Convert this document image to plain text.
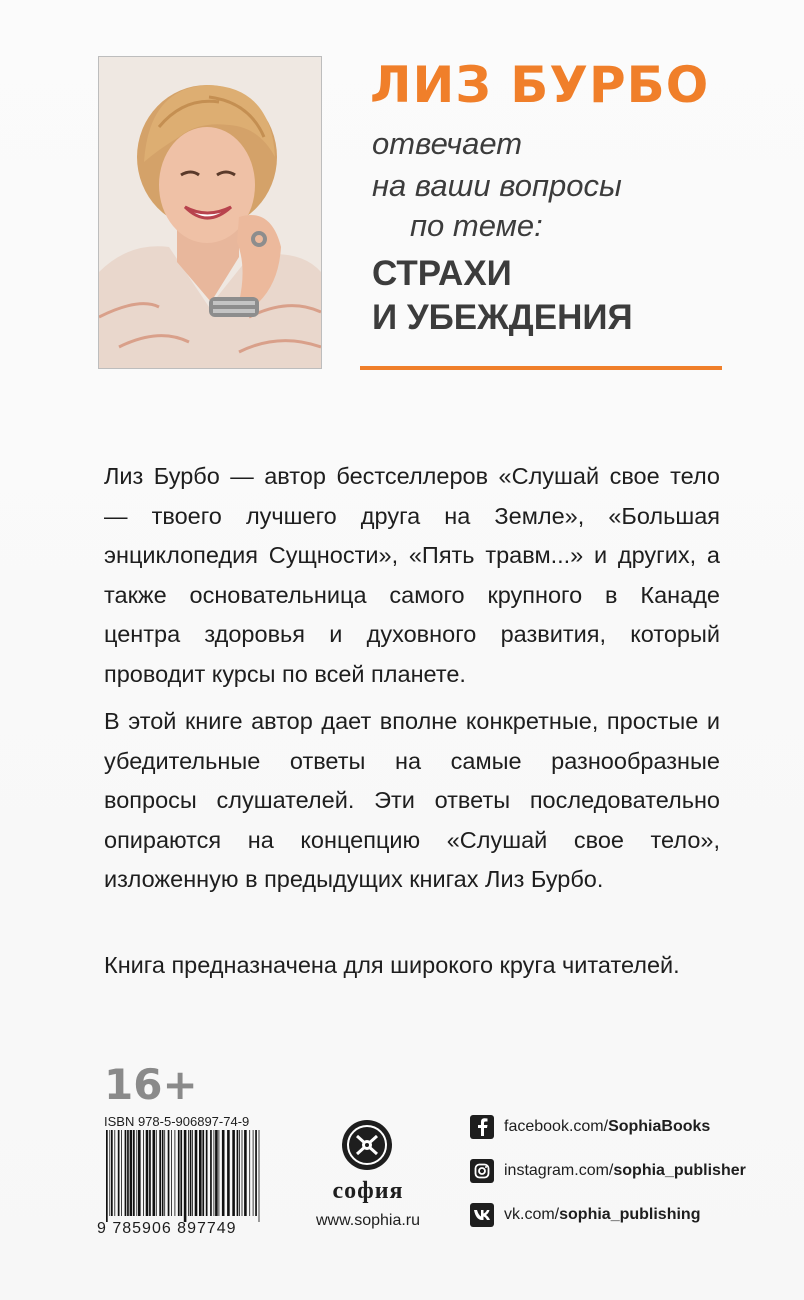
ЛИЗ БУРБО
отвечает
на ваши вопросы
по теме:
СТРАХИ
И УБЕЖДЕНИЯ

Лиз Бурбо — автор бестселлеров «Слушай свое тело — твоего лучшего друга на Земле», «Большая энциклопедия Сущности», «Пять травм...» и других, а также основательница самого крупного в Канаде центра здоровья и духовного развития, который проводит курсы по всей планете.

В этой книге автор дает вполне конкретные, простые и убедительные ответы на самые разнообразные вопросы слушателей. Эти ответы последовательно опираются на концепцию «Слушай свое тело», изложенную в предыдущих книгах Лиз Бурбо.

Книга предназначена для широкого круга читателей.

16+
ISBN 978-5-906897-74-9
9 785906 897749
софия
www.sophia.ru
facebook.com/SophiaBooks
instagram.com/sophia_publisher
vk.com/sophia_publishing
